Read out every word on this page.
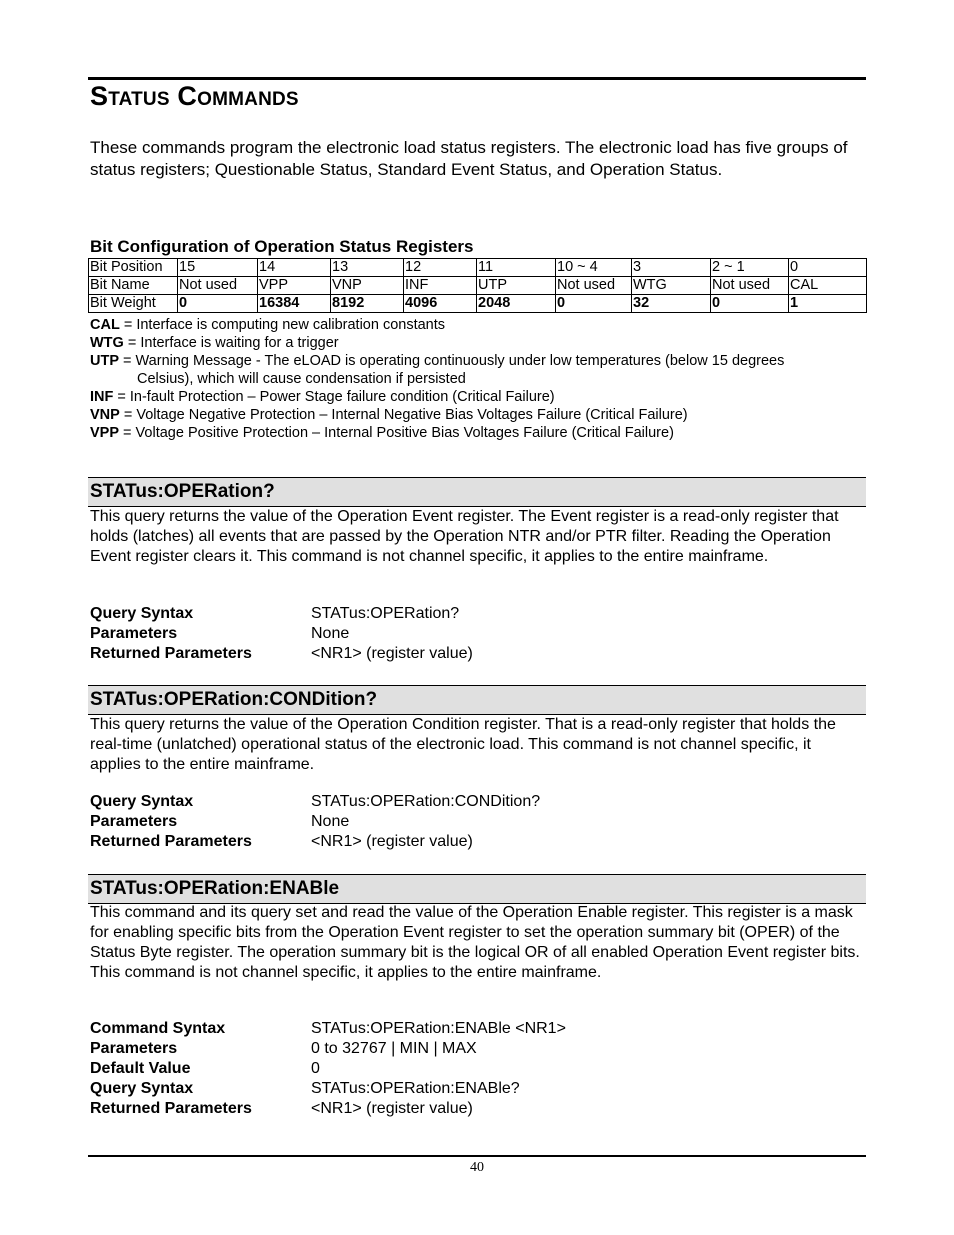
Status Commands
These commands program the electronic load status registers. The electronic load has five groups of status registers; Questionable Status, Standard Event Status, and Operation Status.
Bit Configuration of Operation Status Registers
Bit Position	15	14	13	12	11	10 ~ 4	3	2 ~ 1	0
Bit Name	Not used	VPP	VNP	INF	UTP	Not used	WTG	Not used	CAL
Bit Weight	0	16384	8192	4096	2048	0	32	0	1
CAL = Interface is computing new calibration constants
WTG = Interface is waiting for a trigger
UTP = Warning Message - The eLOAD is operating continuously under low temperatures (below 15 degrees
Celsius), which will cause condensation if persisted
INF = In-fault Protection – Power Stage failure condition (Critical Failure)
VNP = Voltage Negative Protection – Internal Negative Bias Voltages Failure (Critical Failure)
VPP = Voltage Positive Protection – Internal Positive Bias Voltages Failure (Critical Failure)
STATus:OPERation?
This query returns the value of the Operation Event register. The Event register is a read-only register that holds (latches) all events that are passed by the Operation NTR and/or PTR filter. Reading the Operation Event register clears it. This command is not channel specific, it applies to the entire mainframe.
Query Syntax	STATus:OPERation?
Parameters	None
Returned Parameters	<NR1> (register value)
STATus:OPERation:CONDition?
This query returns the value of the Operation Condition register. That is a read-only register that holds the real-time (unlatched) operational status of the electronic load. This command is not channel specific, it applies to the entire mainframe.
Query Syntax	STATus:OPERation:CONDition?
Parameters	None
Returned Parameters	<NR1> (register value)
STATus:OPERation:ENABle
This command and its query set and read the value of the Operation Enable register. This register is a mask for enabling specific bits from the Operation Event register to set the operation summary bit (OPER) of the Status Byte register. The operation summary bit is the logical OR of all enabled Operation Event register bits. This command is not channel specific, it applies to the entire mainframe.
Command Syntax	STATus:OPERation:ENABle <NR1>
Parameters	0 to 32767 | MIN | MAX
Default Value	0
Query Syntax	STATus:OPERation:ENABle?
Returned Parameters	<NR1> (register value)
40
